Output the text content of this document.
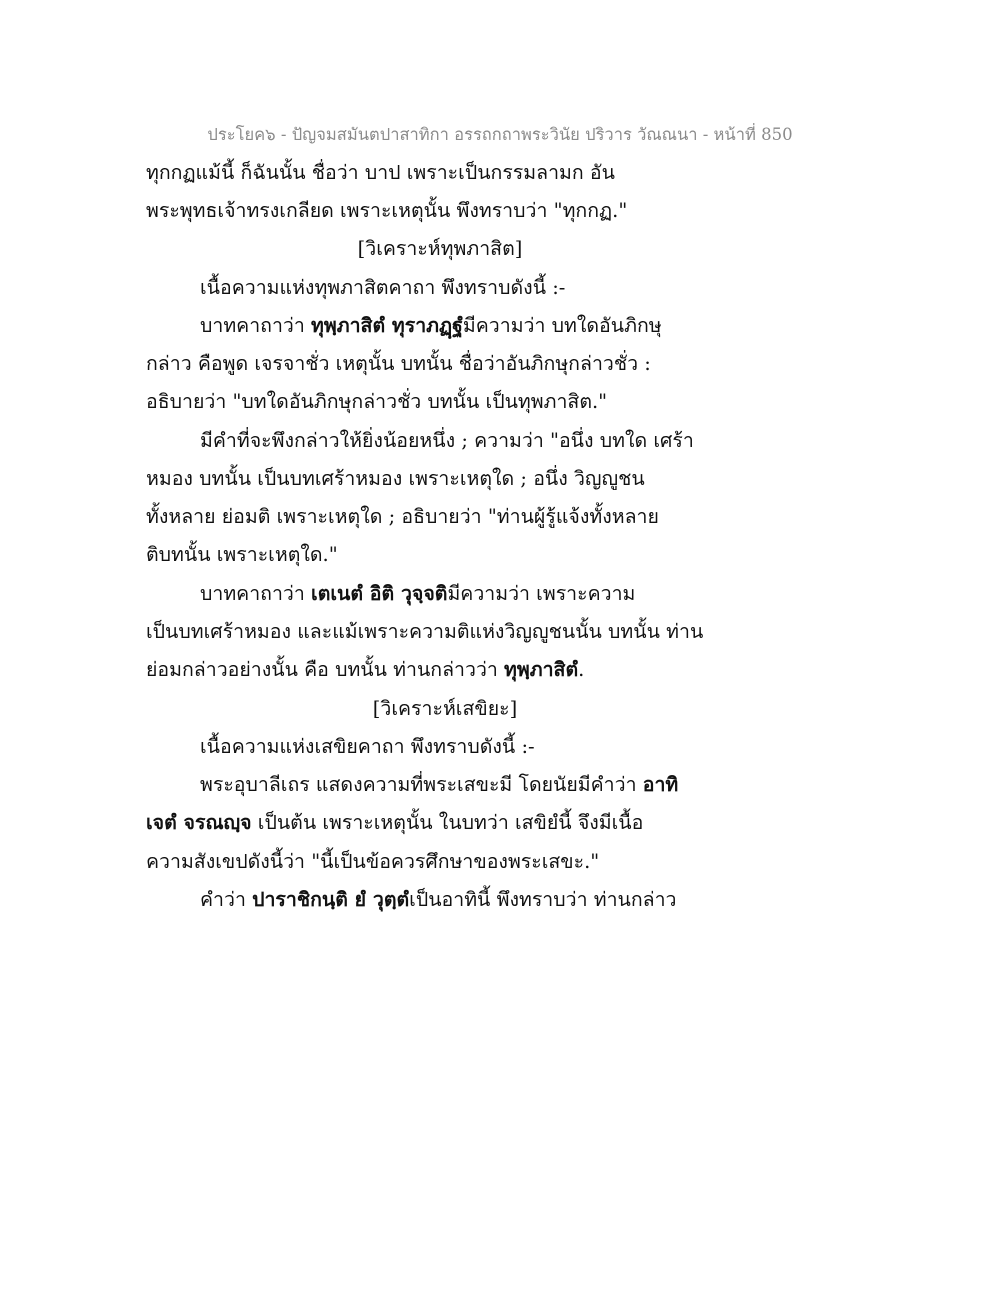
ประโยค๖ - ปัญจมสมันตปาสาทิกา อรรถกถาพระวินัย ปริวาร วัณณนา - หน้าที่ 850
ทุกกฏแม้นี้ ก็ฉันนั้น ชื่อว่า บาป เพราะเป็นกรรมลามก อัน
พระพุทธเจ้าทรงเกลียด เพราะเหตุนั้น พึงทราบว่า "ทุกกฏ."
[วิเคราะห์ทุพภาสิต]
เนื้อความแห่งทุพภาสิตคาถา พึงทราบดังนี้ :-
บาทคาถาว่า ทุพฺภาสิตํ ทุราภฏฺฐํมีความว่า บทใดอันภิกษุ
กล่าว คือพูด เจรจาชั่ว เหตุนั้น บทนั้น ชื่อว่าอันภิกษุกล่าวชั่ว :
อธิบายว่า "บทใดอันภิกษุกล่าวชั่ว บทนั้น เป็นทุพภาสิต."
มีคำที่จะพึงกล่าวให้ยิ่งน้อยหนึ่ง ; ความว่า "อนึ่ง บทใด เศร้า
หมอง บทนั้น เป็นบทเศร้าหมอง เพราะเหตุใด ; อนึ่ง วิญญูชน
ทั้งหลาย ย่อมติ เพราะเหตุใด ; อธิบายว่า "ท่านผู้รู้แจ้งทั้งหลาย
ติบทนั้น เพราะเหตุใด."
บาทคาถาว่า เตเนตํ อิติ วุจฺจติมีความว่า เพราะความ
เป็นบทเศร้าหมอง และแม้เพราะความติแห่งวิญญูชนนั้น บทนั้น ท่าน
ย่อมกล่าวอย่างนั้น คือ บทนั้น ท่านกล่าวว่า ทุพฺภาสิตํ.
[วิเคราะห์เสขิยะ]
เนื้อความแห่งเสขิยคาถา พึงทราบดังนี้ :-
พระอุบาลีเถร แสดงความที่พระเสขะมี โดยนัยมีคำว่า อาทิ
เจตํ จรณญฺจ เป็นต้น เพราะเหตุนั้น ในบทว่า เสขิยํนี้ จึงมีเนื้อ
ความสังเขปดังนี้ว่า "นี้เป็นข้อควรศึกษาของพระเสขะ."
คำว่า ปาราชิกนฺติ ยํ วุตฺตํเป็นอาทินี้ พึงทราบว่า ท่านกล่าว
